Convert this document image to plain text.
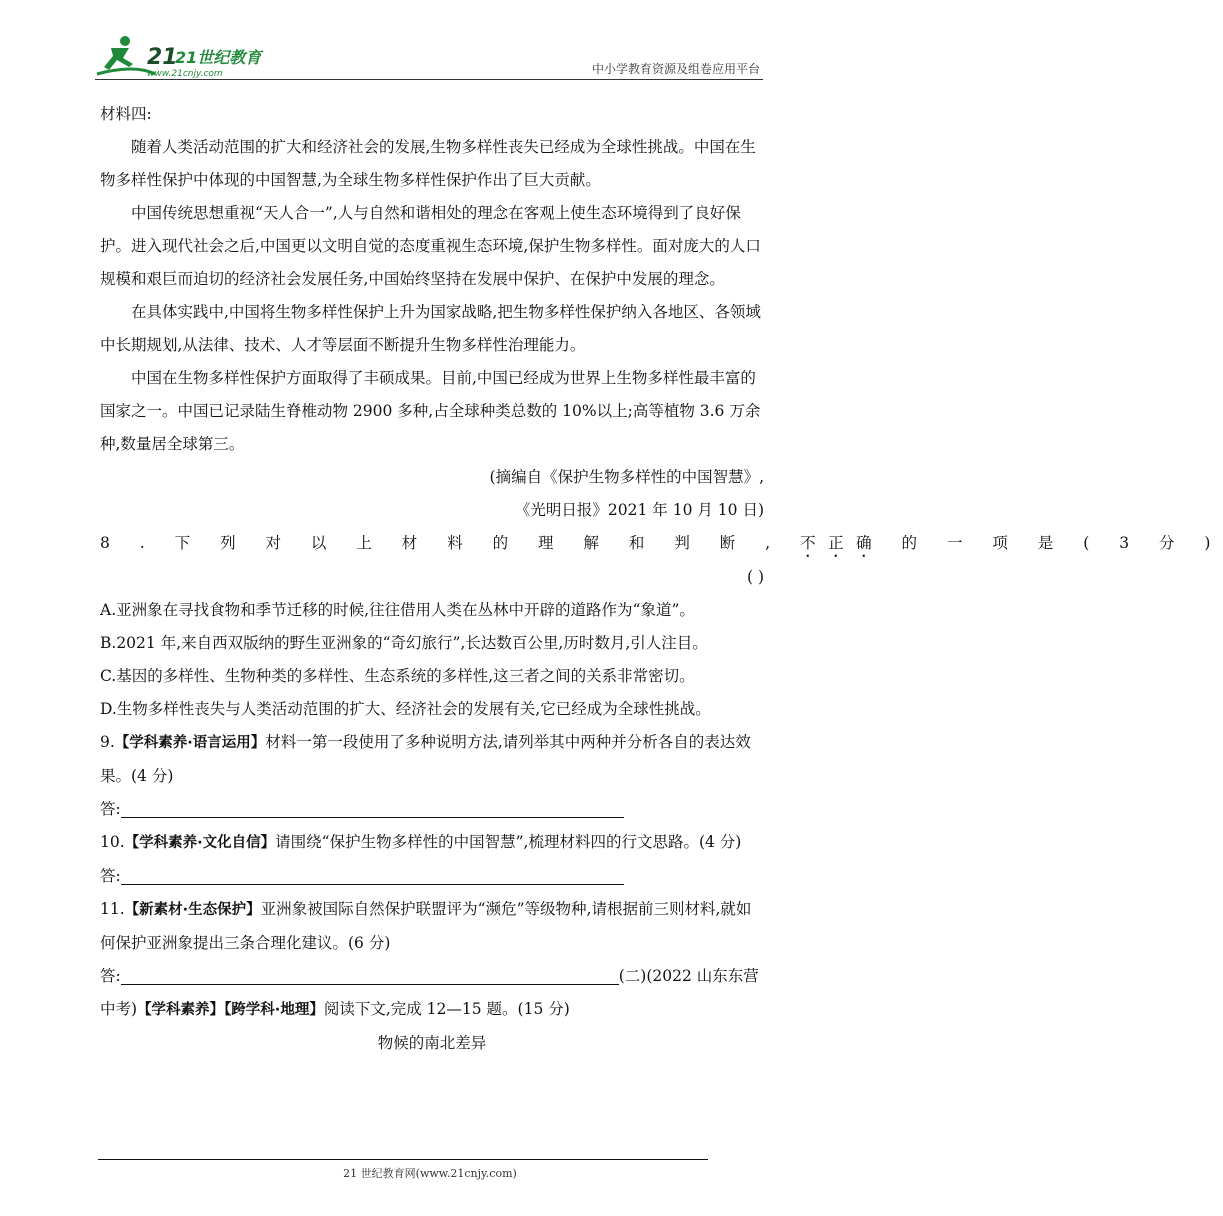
21
21世纪教育
www.21cnjy.com	中小学教育资源及组卷应用平台

材料四:

随着人类活动范围的扩大和经济社会的发展,生物多样性丧失已经成为全球性挑战。中国在生物多样性保护中体现的中国智慧,为全球生物多样性保护作出了巨大贡献。

中国传统思想重视“天人合一”,人与自然和谐相处的理念在客观上使生态环境得到了良好保护。进入现代社会之后,中国更以文明自觉的态度重视生态环境,保护生物多样性。面对庞大的人口规模和艰巨而迫切的经济社会发展任务,中国始终坚持在发展中保护、在保护中发展的理念。

在具体实践中,中国将生物多样性保护上升为国家战略,把生物多样性保护纳入各地区、各领域中长期规划,从法律、技术、人才等层面不断提升生物多样性治理能力。

中国在生物多样性保护方面取得了丰硕成果。目前,中国已经成为世界上生物多样性最丰富的国家之一。中国已记录陆生脊椎动物 2900 多种,占全球种类总数的 10%以上;高等植物 3.6 万余种,数量居全球第三。

(摘编自《保护生物多样性的中国智慧》,

《光明日报》2021 年 10 月 10 日)

8 . 下 列 对 以 上 材 料 的 理 解 和 判 断 , 不正确 的 一 项 是 ( 3 分 )

( )

A.亚洲象在寻找食物和季节迁移的时候,往往借用人类在丛林中开辟的道路作为“象道”。

B.2021 年,来自西双版纳的野生亚洲象的“奇幻旅行”,长达数百公里,历时数月,引人注目。

C.基因的多样性、生物种类的多样性、生态系统的多样性,这三者之间的关系非常密切。

D.生物多样性丧失与人类活动范围的扩大、经济社会的发展有关,它已经成为全球性挑战。

9.【学科素养·语言运用】材料一第一段使用了多种说明方法,请列举其中两种并分析各自的表达效果。(4 分)

答:

10.【学科素养·文化自信】请围绕“保护生物多样性的中国智慧”,梳理材料四的行文思路。(4 分)

答:

11.【新素材·生态保护】亚洲象被国际自然保护联盟评为“濒危”等级物种,请根据前三则材料,就如何保护亚洲象提出三条合理化建议。(6 分)

答:	(二)(2022 山东东营

中考)【学科素养】【跨学科·地理】阅读下文,完成 12—15 题。(15 分)

物候的南北差异

21 世纪教育网(www.21cnjy.com)
